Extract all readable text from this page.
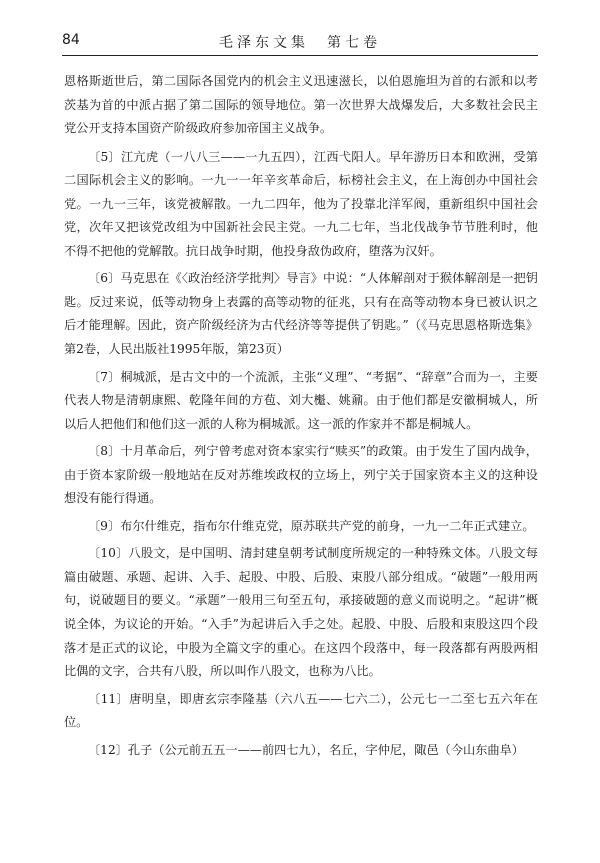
84	毛泽东文集　第七卷

恩格斯逝世后，第二国际各国党内的机会主义迅速滋长，以伯恩施坦为首的右派和以考茨基为首的中派占据了第二国际的领导地位。第一次世界大战爆发后，大多数社会民主党公开支持本国资产阶级政府参加帝国主义战争。

〔5〕江亢虎（一八八三——一九五四），江西弋阳人。早年游历日本和欧洲，受第二国际机会主义的影响。一九一一年辛亥革命后，标榜社会主义，在上海创办中国社会党。一九一三年，该党被解散。一九二四年，他为了投靠北洋军阀，重新组织中国社会党，次年又把该党改组为中国新社会民主党。一九二七年，当北伐战争节节胜利时，他不得不把他的党解散。抗日战争时期，他投身敌伪政府，堕落为汉奸。

〔6〕马克思在《〈政治经济学批判〉导言》中说：“人体解剖对于猴体解剖是一把钥匙。反过来说，低等动物身上表露的高等动物的征兆，只有在高等动物本身已被认识之后才能理解。因此，资产阶级经济为古代经济等等提供了钥匙。”（《马克思恩格斯选集》第2卷，人民出版社1995年版，第23页）

〔7〕桐城派，是古文中的一个流派，主张“义理”、“考据”、“辞章”合而为一，主要代表人物是清朝康熙、乾隆年间的方苞、刘大櫆、姚鼐。由于他们都是安徽桐城人，所以后人把他们和他们这一派的人称为桐城派。这一派的作家并不都是桐城人。

〔8〕十月革命后，列宁曾考虑对资本家实行“赎买”的政策。由于发生了国内战争，由于资本家阶级一般地站在反对苏维埃政权的立场上，列宁关于国家资本主义的这种设想没有能行得通。

〔9〕布尔什维克，指布尔什维克党，原苏联共产党的前身，一九一二年正式建立。

〔10〕八股文，是中国明、清封建皇朝考试制度所规定的一种特殊文体。八股文每篇由破题、承题、起讲、入手、起股、中股、后股、束股八部分组成。“破题”一般用两句，说破题目的要义。“承题”一般用三句至五句，承接破题的意义而说明之。“起讲”概说全体，为议论的开始。“入手”为起讲后入手之处。起股、中股、后股和束股这四个段落才是正式的议论，中股为全篇文字的重心。在这四个段落中，每一段落都有两股两相比偶的文字，合共有八股，所以叫作八股文，也称为八比。

〔11〕唐明皇，即唐玄宗李隆基（六八五——七六二），公元七一二至七五六年在位。

〔12〕孔子（公元前五五一——前四七九），名丘，字仲尼，陬邑（今山东曲阜）
